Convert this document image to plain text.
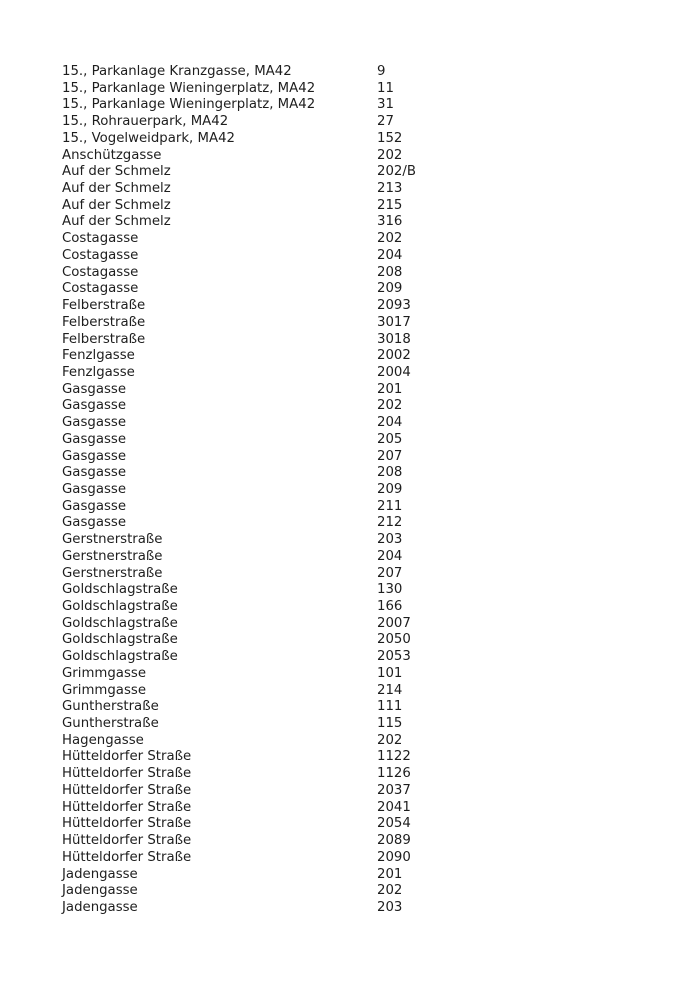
15., Parkanlage Kranzgasse, MA42	9
15., Parkanlage Wieningerplatz, MA42	11
15., Parkanlage Wieningerplatz, MA42	31
15., Rohrauerpark, MA42	27
15., Vogelweidpark, MA42	152
Anschützgasse	202
Auf der Schmelz	202/B
Auf der Schmelz	213
Auf der Schmelz	215
Auf der Schmelz	316
Costagasse	202
Costagasse	204
Costagasse	208
Costagasse	209
Felberstraße	2093
Felberstraße	3017
Felberstraße	3018
Fenzlgasse	2002
Fenzlgasse	2004
Gasgasse	201
Gasgasse	202
Gasgasse	204
Gasgasse	205
Gasgasse	207
Gasgasse	208
Gasgasse	209
Gasgasse	211
Gasgasse	212
Gerstnerstraße	203
Gerstnerstraße	204
Gerstnerstraße	207
Goldschlagstraße	130
Goldschlagstraße	166
Goldschlagstraße	2007
Goldschlagstraße	2050
Goldschlagstraße	2053
Grimmgasse	101
Grimmgasse	214
Guntherstraße	111
Guntherstraße	115
Hagengasse	202
Hütteldorfer Straße	1122
Hütteldorfer Straße	1126
Hütteldorfer Straße	2037
Hütteldorfer Straße	2041
Hütteldorfer Straße	2054
Hütteldorfer Straße	2089
Hütteldorfer Straße	2090
Jadengasse	201
Jadengasse	202
Jadengasse	203
